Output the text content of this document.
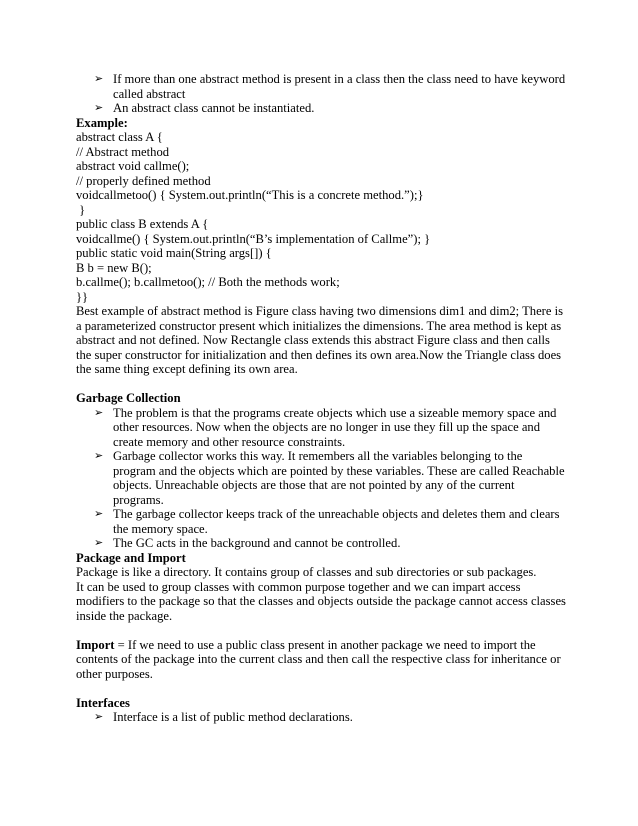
➢ If more than one abstract method is present in a class then the class need to have keyword
called abstract
➢ An abstract class cannot be instantiated.
Example:
abstract class A {
// Abstract method
abstract void callme();
// properly defined method
voidcallmetoo() { System.out.println(“This is a concrete method.”);}
}
public class B extends A {
voidcallme() { System.out.println(“B’s implementation of Callme”); }
public static void main(String args[]) {
B b = new B();
b.callme(); b.callmetoo(); // Both the methods work;
}}
Best example of abstract method is Figure class having two dimensions dim1 and dim2; There is
a parameterized constructor present which initializes the dimensions. The area method is kept as
abstract and not defined. Now Rectangle class extends this abstract Figure class and then calls
the super constructor for initialization and then defines its own area.Now the Triangle class does
the same thing except defining its own area.
Garbage Collection
➢ The problem is that the programs create objects which use a sizeable memory space and
other resources. Now when the objects are no longer in use they fill up the space and
create memory and other resource constraints.
➢ Garbage collector works this way. It remembers all the variables belonging to the
program and the objects which are pointed by these variables. These are called Reachable
objects. Unreachable objects are those that are not pointed by any of the current
programs.
➢ The garbage collector keeps track of the unreachable objects and deletes them and clears
the memory space.
➢ The GC acts in the background and cannot be controlled.
Package and Import
Package is like a directory. It contains group of classes and sub directories or sub packages.
It can be used to group classes with common purpose together and we can impart access
modifiers to the package so that the classes and objects outside the package cannot access classes
inside the package.
Import = If we need to use a public class present in another package we need to import the
contents of the package into the current class and then call the respective class for inheritance or
other purposes.
Interfaces
➢ Interface is a list of public method declarations.
